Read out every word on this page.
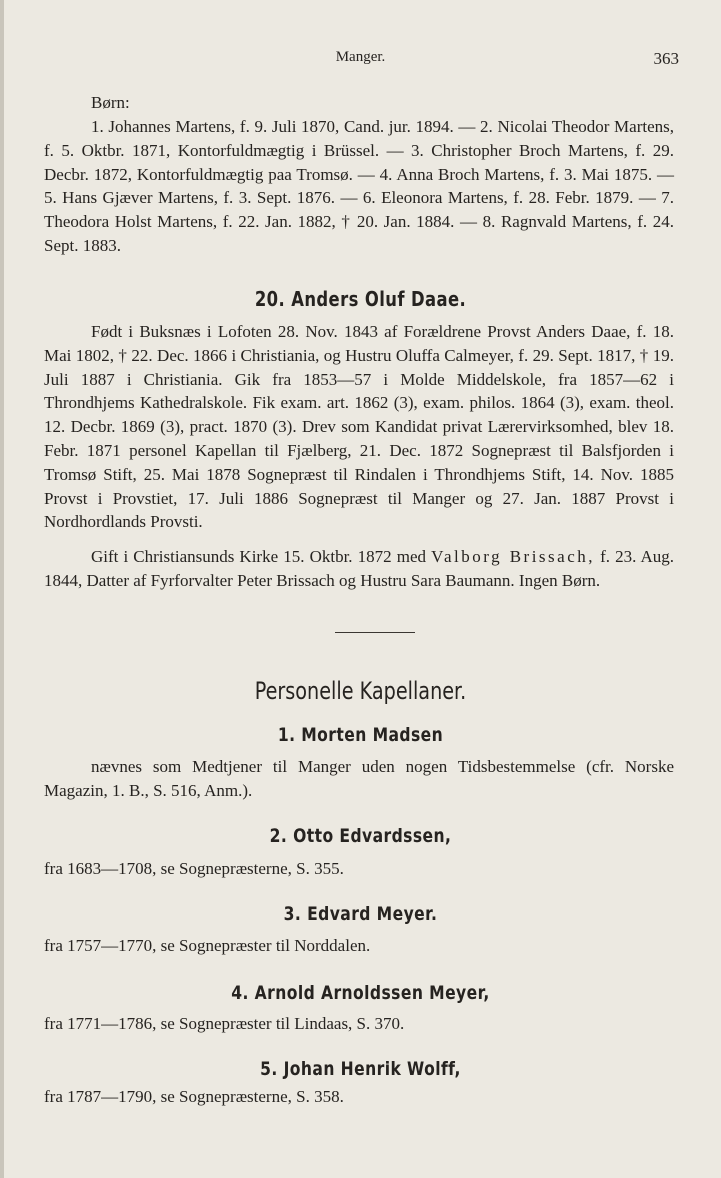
Manger.	363

Børn:

1. Johannes Martens, f. 9. Juli 1870, Cand. jur. 1894. — 2. Nicolai Theodor Martens, f. 5. Oktbr. 1871, Kontorfuldmægtig i Brüssel. — 3. Christopher Broch Martens, f. 29. Decbr. 1872, Kontorfuldmægtig paa Tromsø. — 4. Anna Broch Martens, f. 3. Mai 1875. — 5. Hans Gjæver Martens, f. 3. Sept. 1876. — 6. Eleonora Martens, f. 28. Febr. 1879. — 7. Theodora Holst Martens, f. 22. Jan. 1882, † 20. Jan. 1884. — 8. Ragnvald Martens, f. 24. Sept. 1883.

20. Anders Oluf Daae.

Født i Buksnæs i Lofoten 28. Nov. 1843 af Forældrene Provst Anders Daae, f. 18. Mai 1802, † 22. Dec. 1866 i Christiania, og Hustru Oluffa Calmeyer, f. 29. Sept. 1817, † 19. Juli 1887 i Christiania. Gik fra 1853—57 i Molde Middelskole, fra 1857—62 i Throndhjems Kathedralskole. Fik exam. art. 1862 (3), exam. philos. 1864 (3), exam. theol. 12. Decbr. 1869 (3), pract. 1870 (3). Drev som Kandidat privat Lærervirksomhed, blev 18. Febr. 1871 personel Kapellan til Fjælberg, 21. Dec. 1872 Sognepræst til Balsfjorden i Tromsø Stift, 25. Mai 1878 Sognepræst til Rindalen i Throndhjems Stift, 14. Nov. 1885 Provst i Provstiet, 17. Juli 1886 Sognepræst til Manger og 27. Jan. 1887 Provst i Nordhordlands Provsti.

Gift i Christiansunds Kirke 15. Oktbr. 1872 med Valborg Brissach, f. 23. Aug. 1844, Datter af Fyrforvalter Peter Brissach og Hustru Sara Baumann. Ingen Børn.

Personelle Kapellaner.
1. Morten Madsen

nævnes som Medtjener til Manger uden nogen Tidsbestemmelse (cfr. Norske Magazin, 1. B., S. 516, Anm.).

2. Otto Edvardssen,

fra 1683—1708, se Sognepræsterne, S. 355.

3. Edvard Meyer.

fra 1757—1770, se Sognepræster til Norddalen.

4. Arnold Arnoldssen Meyer,

fra 1771—1786, se Sognepræster til Lindaas, S. 370.

5. Johan Henrik Wolff,

fra 1787—1790, se Sognepræsterne, S. 358.
